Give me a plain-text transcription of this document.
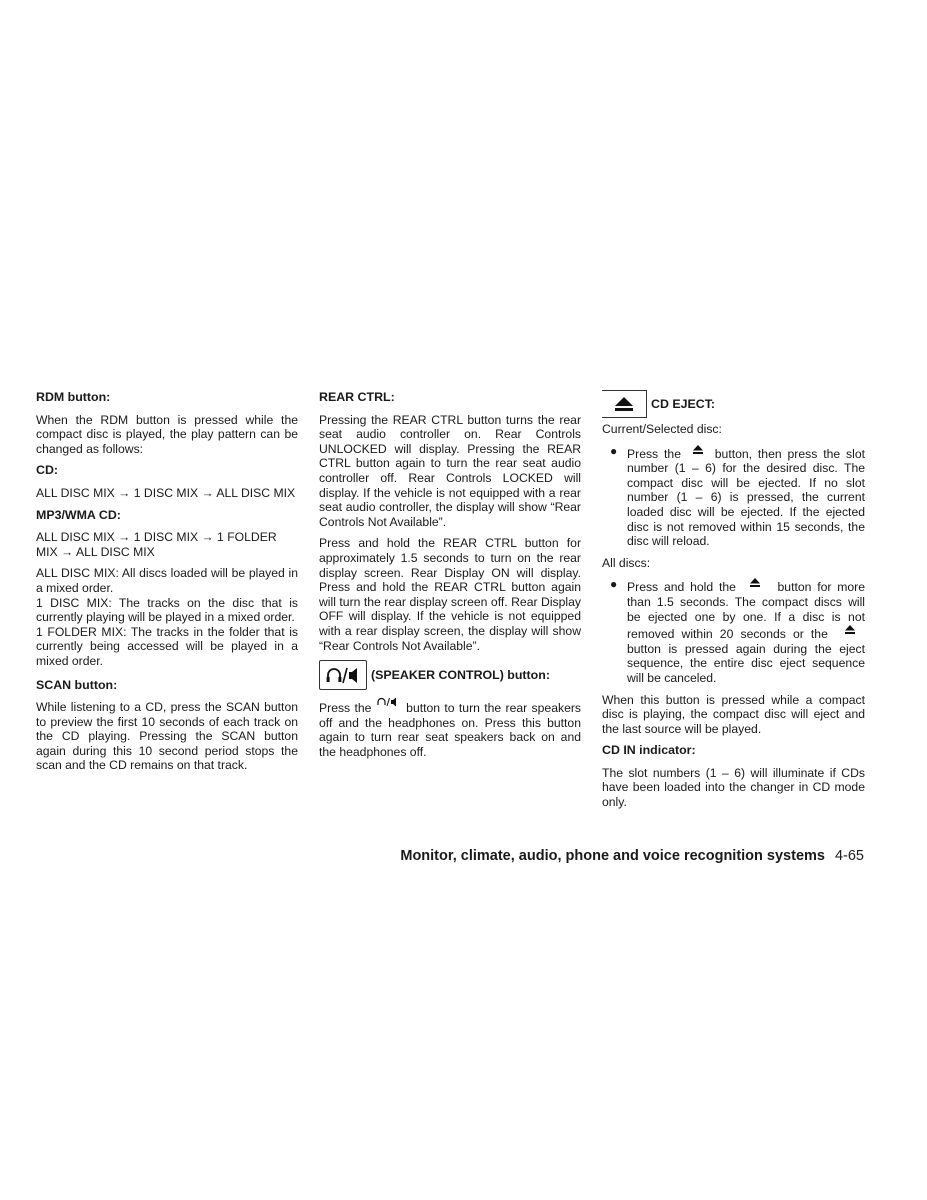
RDM button:

When the RDM button is pressed while the compact disc is played, the play pattern can be changed as follows:

CD:

ALL DISC MIX → 1 DISC MIX → ALL DISC MIX

MP3/WMA CD:

ALL DISC MIX → 1 DISC MIX → 1 FOLDER MIX → ALL DISC MIX

ALL DISC MIX: All discs loaded will be played in a mixed order.

1 DISC MIX: The tracks on the disc that is currently playing will be played in a mixed order.

1 FOLDER MIX: The tracks in the folder that is currently being accessed will be played in a mixed order.

SCAN button:

While listening to a CD, press the SCAN button to preview the first 10 seconds of each track on the CD playing. Pressing the SCAN button again during this 10 second period stops the scan and the CD remains on that track.

REAR CTRL:

Pressing the REAR CTRL button turns the rear seat audio controller on. Rear Controls UNLOCKED will display. Pressing the REAR CTRL button again to turn the rear seat audio controller off. Rear Controls LOCKED will display. If the vehicle is not equipped with a rear seat audio controller, the display will show “Rear Controls Not Available”.

Press and hold the REAR CTRL button for approximately 1.5 seconds to turn on the rear display screen. Rear Display ON will display. Press and hold the REAR CTRL button again will turn the rear display screen off. Rear Display OFF will display. If the vehicle is not equipped with a rear display screen, the display will show “Rear Controls Not Available”.

(SPEAKER CONTROL) button:

Press the	button to turn the rear speakers off and the headphones on. Press this button again to turn rear seat speakers back on and the headphones off.

CD EJECT:

Current/Selected disc:

● Press the	button, then press the slot number (1 – 6) for the desired disc. The compact disc will be ejected. If no slot number (1 – 6) is pressed, the current loaded disc will be ejected. If the ejected disc is not removed within 15 seconds, the disc will reload.

All discs:

● Press and hold the	button for more than 1.5 seconds. The compact discs will be ejected one by one. If a disc is not removed within 20 seconds or the  button is pressed again during the eject sequence, the entire disc eject sequence will be canceled.

When this button is pressed while a compact disc is playing, the compact disc will eject and the last source will be played.

CD IN indicator:

The slot numbers (1 – 6) will illuminate if CDs have been loaded into the changer in CD mode only.

Monitor, climate, audio, phone and voice recognition systems 4-65
